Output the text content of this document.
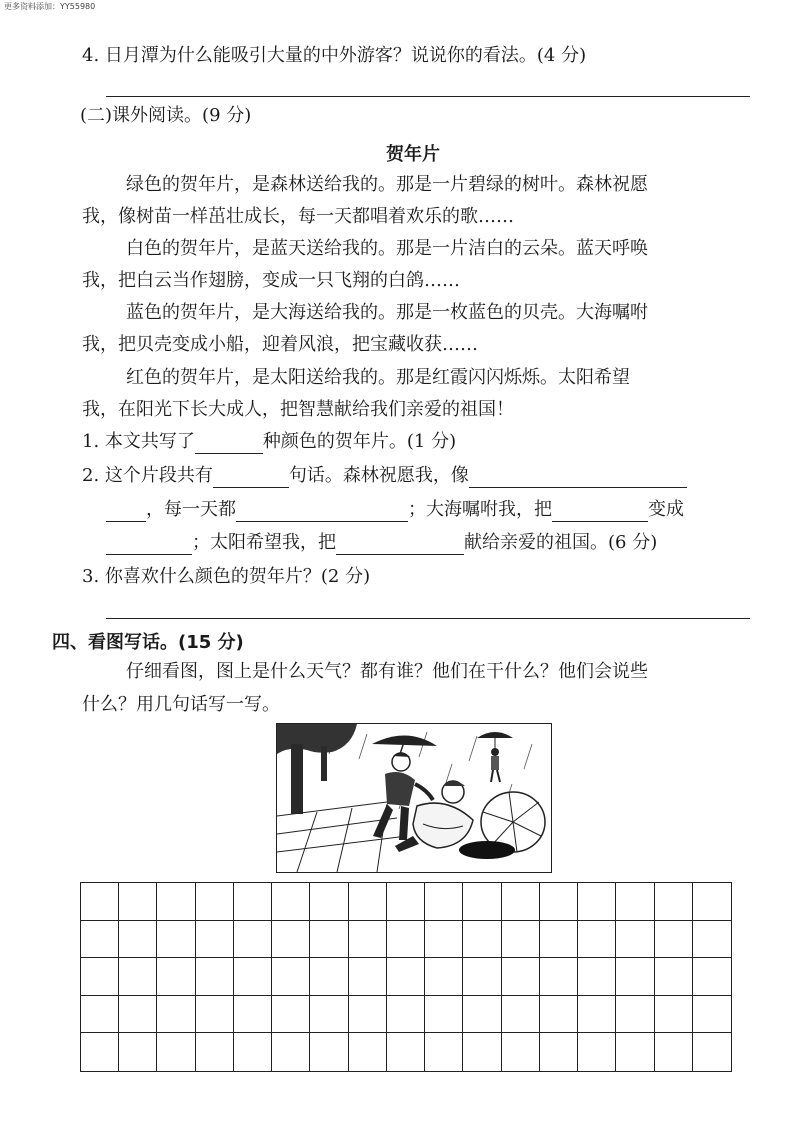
更多资料添加：YY55980
4. 日月潭为什么能吸引大量的中外游客？说说你的看法。(4 分)
(二)课外阅读。(9 分)
贺年片
绿色的贺年片，是森林送给我的。那是一片碧绿的树叶。森林祝愿
我，像树苗一样茁壮成长，每一天都唱着欢乐的歌……
白色的贺年片，是蓝天送给我的。那是一片洁白的云朵。蓝天呼唤
我，把白云当作翅膀，变成一只飞翔的白鸽……
蓝色的贺年片，是大海送给我的。那是一枚蓝色的贝壳。大海嘱咐
我，把贝壳变成小船，迎着风浪，把宝藏收获……
红色的贺年片，是太阳送给我的。那是红霞闪闪烁烁。太阳希望
我，在阳光下长大成人，把智慧献给我们亲爱的祖国！
1. 本文共写了	种颜色的贺年片。(1 分)
2. 这个片段共有	句话。森林祝愿我，像
，每一天都	；大海嘱咐我，把	变成
；太阳希望我，把	献给亲爱的祖国。(6 分)
3. 你喜欢什么颜色的贺年片？(2 分)
四、看图写话。(15 分)
仔细看图，图上是什么天气？都有谁？他们在干什么？他们会说些
什么？用几句话写一写。
